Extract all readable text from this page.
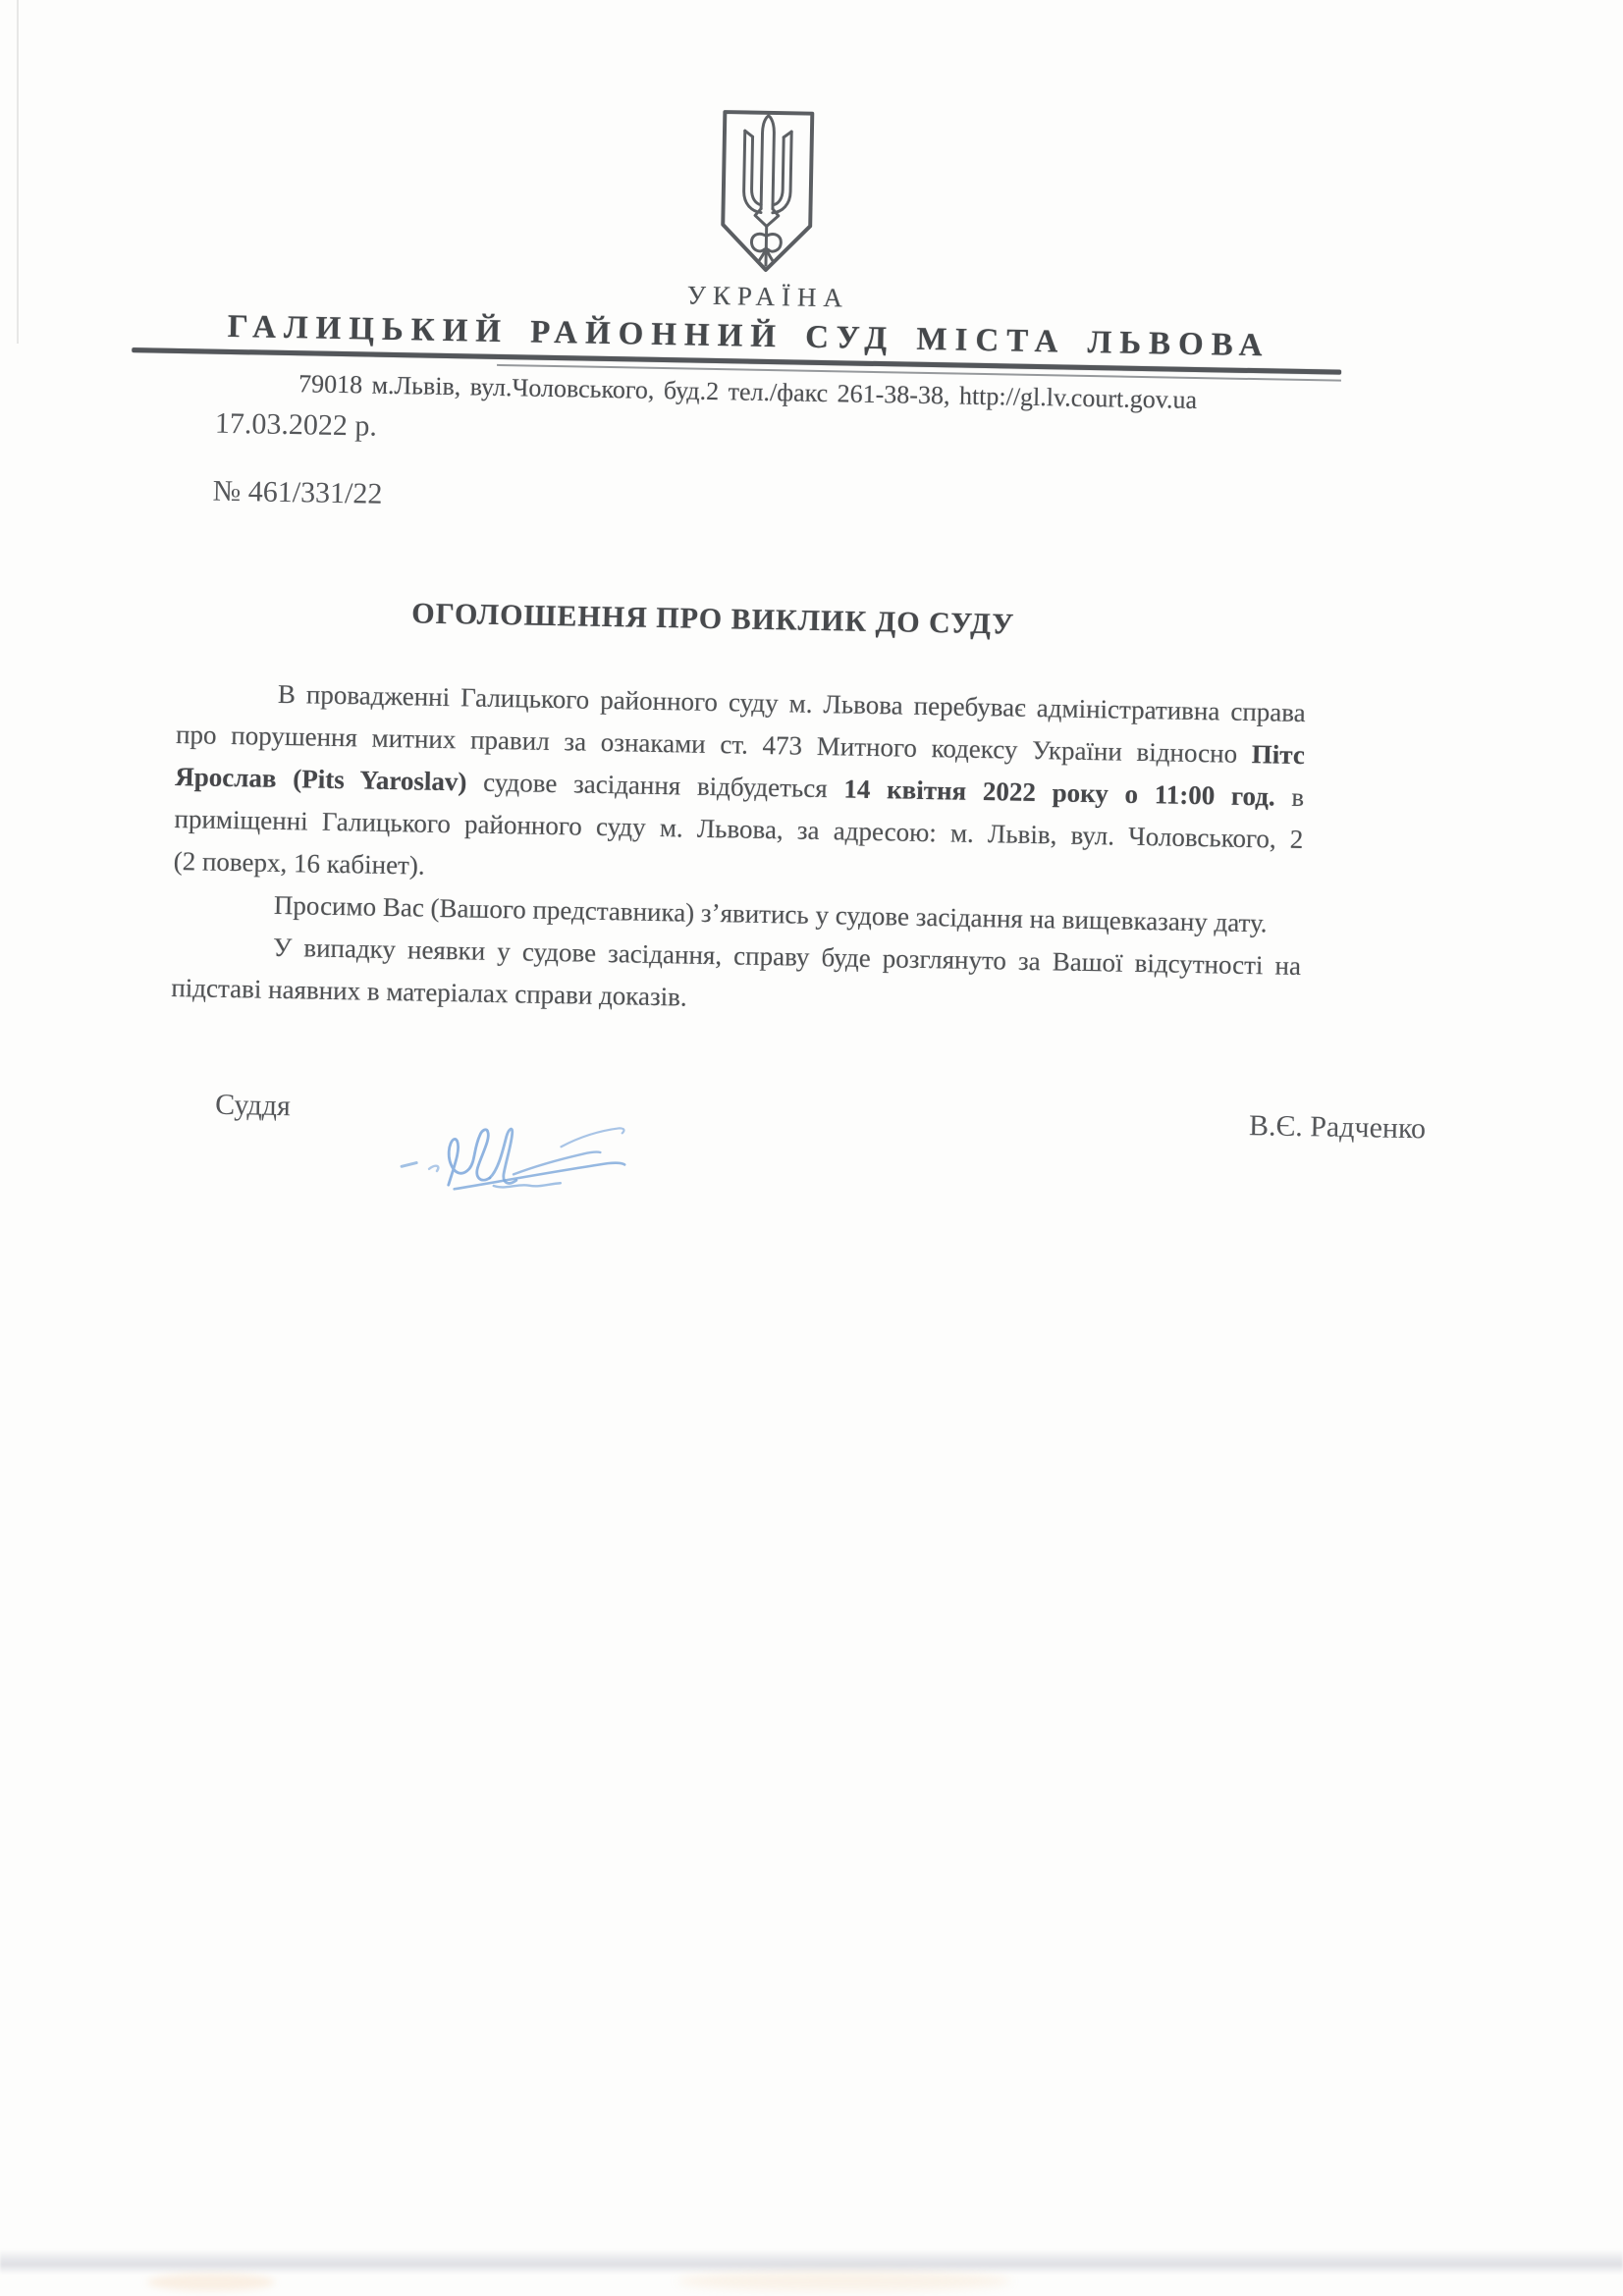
УКРАЇНА
ГАЛИЦЬКИЙ РАЙОННИЙ СУД МІСТА ЛЬВОВА
79018 м.Львів, вул.Чоловського, буд.2 тел./факс 261-38-38, http://gl.lv.court.gov.ua
17.03.2022 р.
№ 461/331/22
ОГОЛОШЕННЯ ПРО ВИКЛИК ДО СУДУ
В провадженні Галицького районного суду м. Львова перебуває адміністративна справа
про порушення митних правил за ознаками ст. 473 Митного кодексу України відносно Пітс
Ярослав (Pits Yaroslav) судове засідання відбудеться 14 квітня 2022 року о 11:00 год. в
приміщенні Галицького районного суду м. Львова, за адресою: м. Львів, вул. Чоловського, 2
(2 поверх, 16 кабінет).
Просимо Вас (Вашого представника) з’явитись у судове засідання на вищевказану дату.
У випадку неявки у судове засідання, справу буде розглянуто за Вашої відсутності на
підставі наявних в матеріалах справи доказів.
Суддя
В.Є. Радченко
